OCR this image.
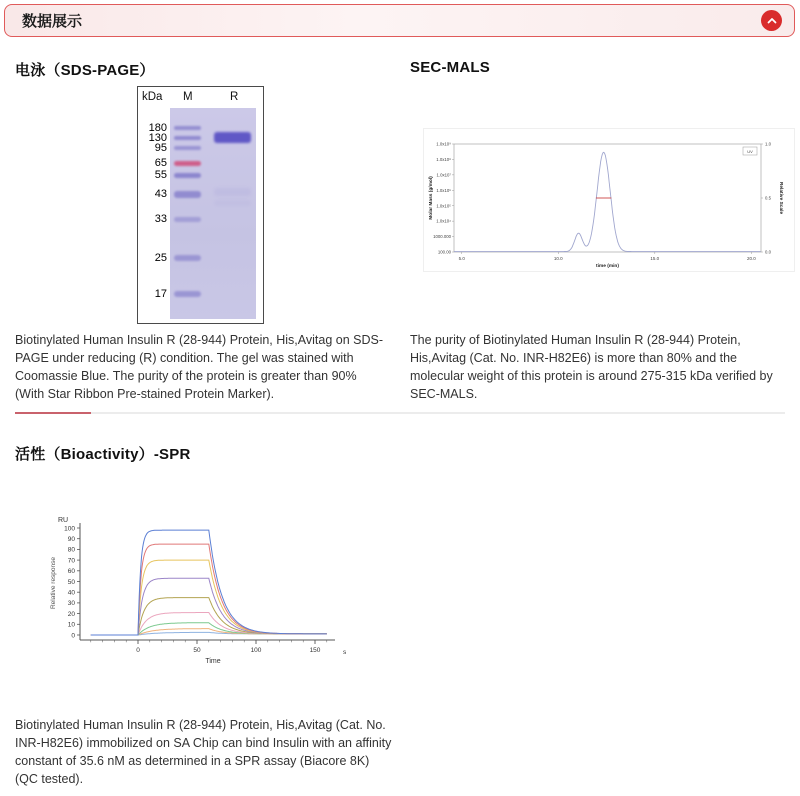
数据展示
电泳（SDS-PAGE）
kDa M	R
180
130
95
65
55
43
33
25
17

Biotinylated Human Insulin R (28-944) Protein, His,Avitag on SDS-PAGE under reducing (R) condition. The gel was stained with Coomassie Blue. The purity of the protein is greater than 90% (With Star Ribbon Pre-stained Protein Marker).

SEC-MALS
1.0x10⁹
1.0x10⁸
1.0x10⁷
1.0x10⁶
1.0x10⁵
1.0x10⁴
1000.000
100.00
5.0	10.0	15.0	20.0
time (min)
Molar Mass (g/mol)
1.0
0.5
0.0
Relative Scale
UV

The purity of Biotinylated Human Insulin R (28-944) Protein, His,Avitag (Cat. No. INR-H82E6) is more than 80% and the molecular weight of this protein is around 275-315 kDa verified by SEC-MALS.

活性（Bioactivity）-SPR
RU
0
10
20
30
40
50
60
70
80
90
100
0	50	100	150
Time
s
Relative response

Biotinylated Human Insulin R (28-944) Protein, His,Avitag (Cat. No. INR-H82E6) immobilized on SA Chip can bind Insulin with an affinity constant of 35.6 nM as determined in a SPR assay (Biacore 8K) (QC tested).
